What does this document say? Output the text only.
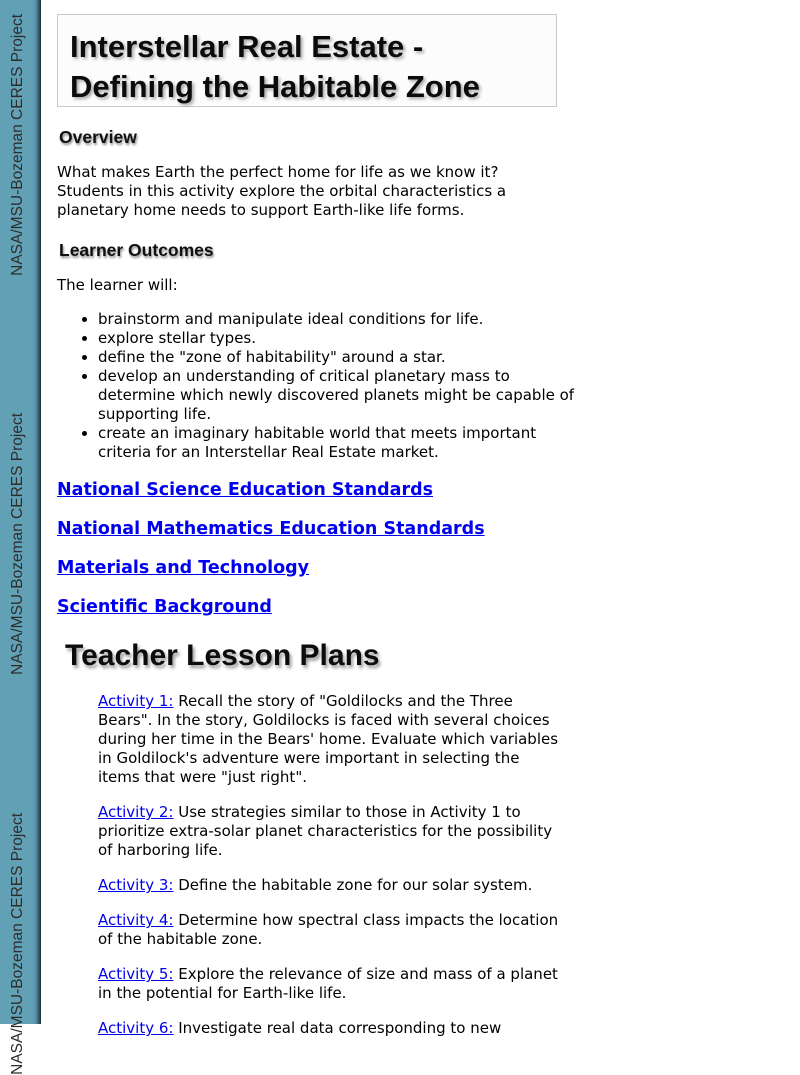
NASA/MSU-Bozeman CERES Project
NASA/MSU-Bozeman CERES Project
NASA/MSU-Bozeman CERES Project
Interstellar Real Estate -
Defining the Habitable Zone
Overview

What makes Earth the perfect home for life as we know it? Students in this activity explore the orbital characteristics a planetary home needs to support Earth-like life forms.

Learner Outcomes

The learner will:

• brainstorm and manipulate ideal conditions for life.
• explore stellar types.
• define the "zone of habitability" around a star.
• develop an understanding of critical planetary mass to determine which newly discovered planets might be capable of supporting life.
• create an imaginary habitable world that meets important criteria for an Interstellar Real Estate market.

National Science Education Standards

National Mathematics Education Standards

Materials and Technology

Scientific Background

Teacher Lesson Plans

Activity 1: Recall the story of "Goldilocks and the Three Bears". In the story, Goldilocks is faced with several choices during her time in the Bears' home. Evaluate which variables in Goldilock's adventure were important in selecting the items that were "just right".

Activity 2: Use strategies similar to those in Activity 1 to prioritize extra-solar planet characteristics for the possibility of harboring life.

Activity 3: Define the habitable zone for our solar system.

Activity 4: Determine how spectral class impacts the location of the habitable zone.

Activity 5: Explore the relevance of size and mass of a planet in the potential for Earth-like life.

Activity 6: Investigate real data corresponding to new
